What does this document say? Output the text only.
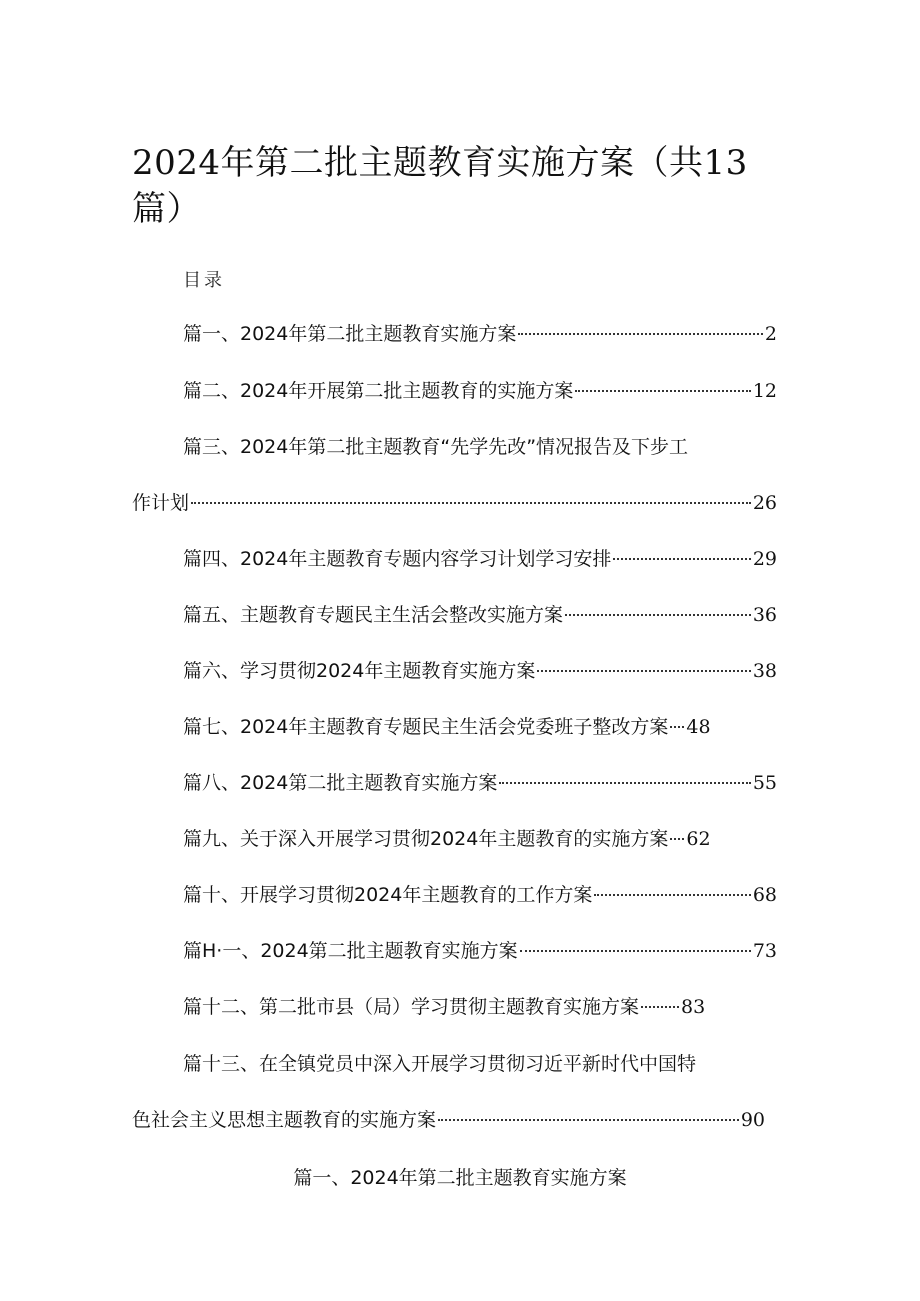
2024年第二批主题教育实施方案（共13篇）
目录
篇一、2024年第二批主题教育实施方案	2
篇二、2024年开展第二批主题教育的实施方案	12
篇三、2024年第二批主题教育“先学先改”情况报告及下步工
作计划	26
篇四、2024年主题教育专题内容学习计划学习安排	29
篇五、主题教育专题民主生活会整改实施方案	36
篇六、学习贯彻2024年主题教育实施方案	38
篇七、2024年主题教育专题民主生活会党委班子整改方案 48
篇八、2024第二批主题教育实施方案	55
篇九、关于深入开展学习贯彻2024年主题教育的实施方案 62
篇十、开展学习贯彻2024年主题教育的工作方案	68
篇H·一、2024第二批主题教育实施方案	73
篇十二、第二批市县（局）学习贯彻主题教育实施方案 83
篇十三、在全镇党员中深入开展学习贯彻习近平新时代中国特
色社会主义思想主题教育的实施方案	90
篇一、2024年第二批主题教育实施方案
